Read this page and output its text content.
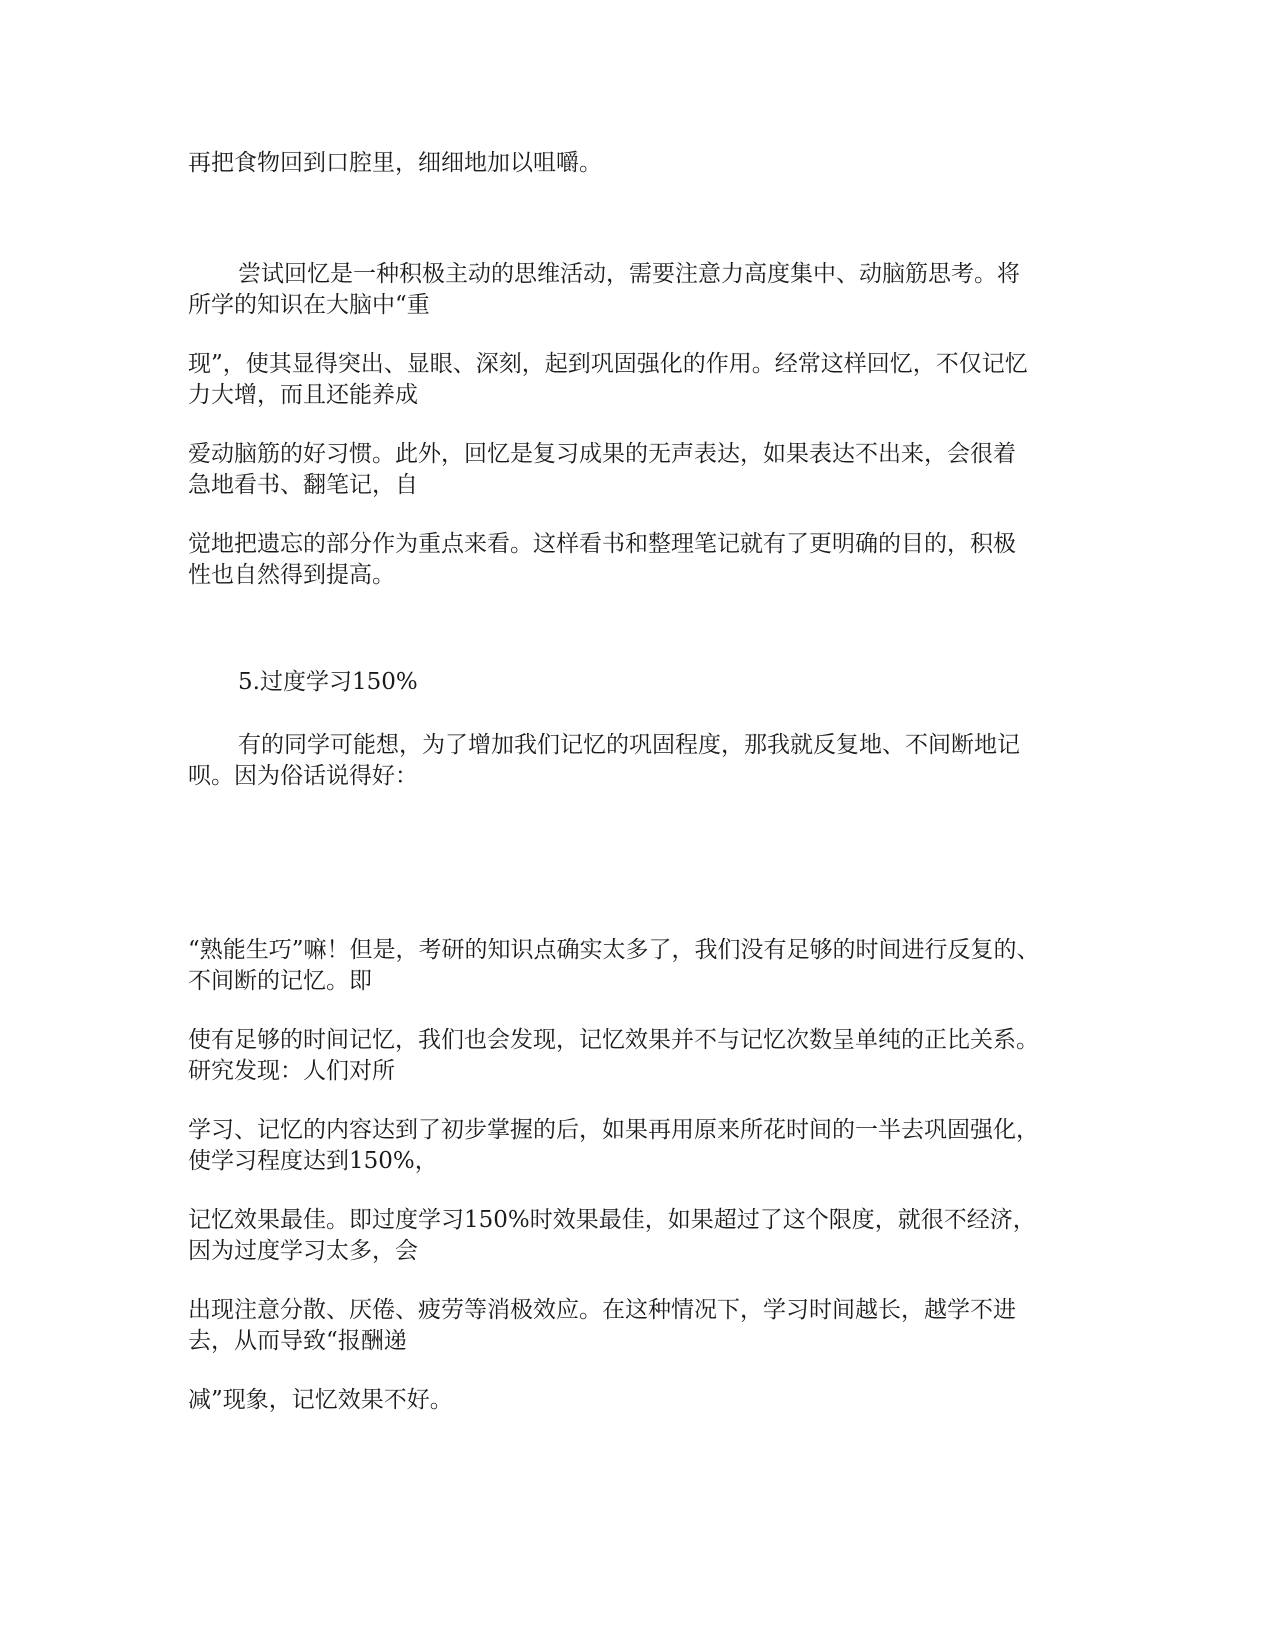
再把食物回到口腔里，细细地加以咀嚼。

尝试回忆是一种积极主动的思维活动，需要注意力高度集中、动脑筋思考。将
所学的知识在大脑中“重

现”，使其显得突出、显眼、深刻，起到巩固强化的作用。经常这样回忆，不仅记忆
力大增，而且还能养成

爱动脑筋的好习惯。此外，回忆是复习成果的无声表达，如果表达不出来，会很着
急地看书、翻笔记，自

觉地把遗忘的部分作为重点来看。这样看书和整理笔记就有了更明确的目的，积极
性也自然得到提高。

5.过度学习150%

有的同学可能想，为了增加我们记忆的巩固程度，那我就反复地、不间断地记
呗。因为俗话说得好：

“熟能生巧”嘛！但是，考研的知识点确实太多了，我们没有足够的时间进行反复的、
不间断的记忆。即

使有足够的时间记忆，我们也会发现，记忆效果并不与记忆次数呈单纯的正比关系。
研究发现：人们对所

学习、记忆的内容达到了初步掌握的后，如果再用原来所花时间的一半去巩固强化，
使学习程度达到150%，

记忆效果最佳。即过度学习150%时效果最佳，如果超过了这个限度，就很不经济，
因为过度学习太多，会

出现注意分散、厌倦、疲劳等消极效应。在这种情况下，学习时间越长，越学不进
去，从而导致“报酬递

减”现象，记忆效果不好。
